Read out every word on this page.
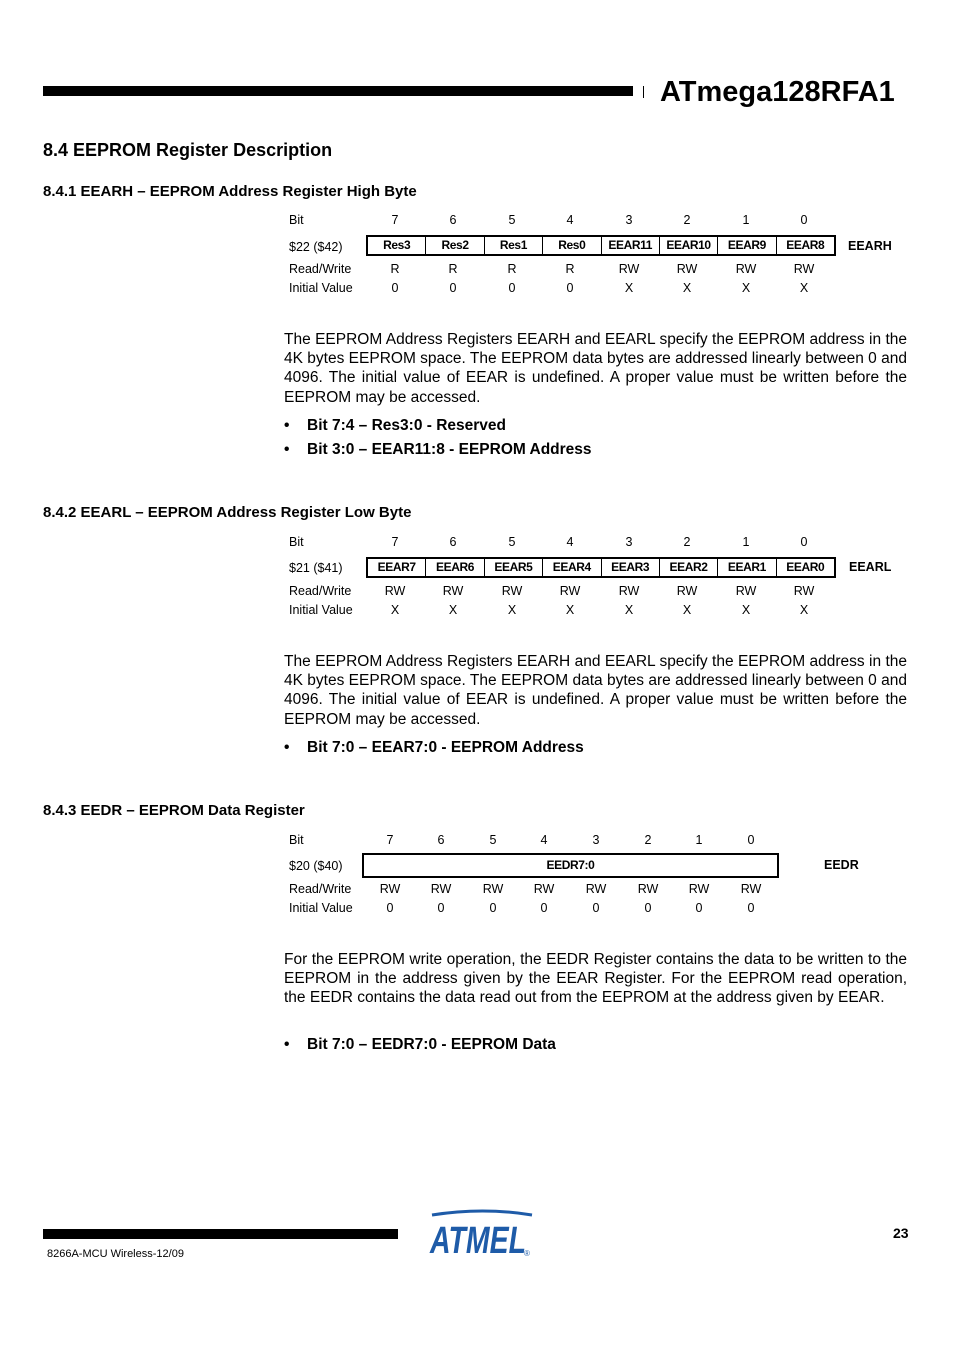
ATmega128RFA1
8.4 EEPROM Register Description
8.4.1 EEARH – EEPROM Address Register High Byte
Bit	7	6	5	4	3	2	1	0
$22 ($42)	Res3	Res2	Res1	Res0	EEAR11	EEAR10	EEAR9	EEAR8	EEARH
Read/Write	R	R	R	R	RW	RW	RW	RW
Initial Value	0	0	0	0	X	X	X	X
The EEPROM Address Registers EEARH and EEARL specify the EEPROM address in the 4K bytes EEPROM space. The EEPROM data bytes are addressed linearly between 0 and 4096. The initial value of EEAR is undefined. A proper value must be written before the EEPROM may be accessed.
• Bit 7:4 – Res3:0 - Reserved
• Bit 3:0 – EEAR11:8 - EEPROM Address
8.4.2 EEARL – EEPROM Address Register Low Byte
Bit	7	6	5	4	3	2	1	0
$21 ($41)	EEAR7	EEAR6	EEAR5	EEAR4	EEAR3	EEAR2	EEAR1	EEAR0	EEARL
Read/Write	RW	RW	RW	RW	RW	RW	RW	RW
Initial Value	X	X	X	X	X	X	X	X
The EEPROM Address Registers EEARH and EEARL specify the EEPROM address in the 4K bytes EEPROM space. The EEPROM data bytes are addressed linearly between 0 and 4096. The initial value of EEAR is undefined. A proper value must be written before the EEPROM may be accessed.
• Bit 7:0 – EEAR7:0 - EEPROM Address
8.4.3 EEDR – EEPROM Data Register
Bit	7	6	5	4	3	2	1	0
$20 ($40)	EEDR7:0	EEDR
Read/Write	RW	RW	RW	RW	RW	RW	RW	RW
Initial Value	0	0	0	0	0	0	0	0
For the EEPROM write operation, the EEDR Register contains the data to be written to the EEPROM in the address given by the EEAR Register. For the EEPROM read operation, the EEDR contains the data read out from the EEPROM at the address given by EEAR.
• Bit 7:0 – EEDR7:0 - EEPROM Data
ATMEL
®
23
8266A-MCU Wireless-12/09
